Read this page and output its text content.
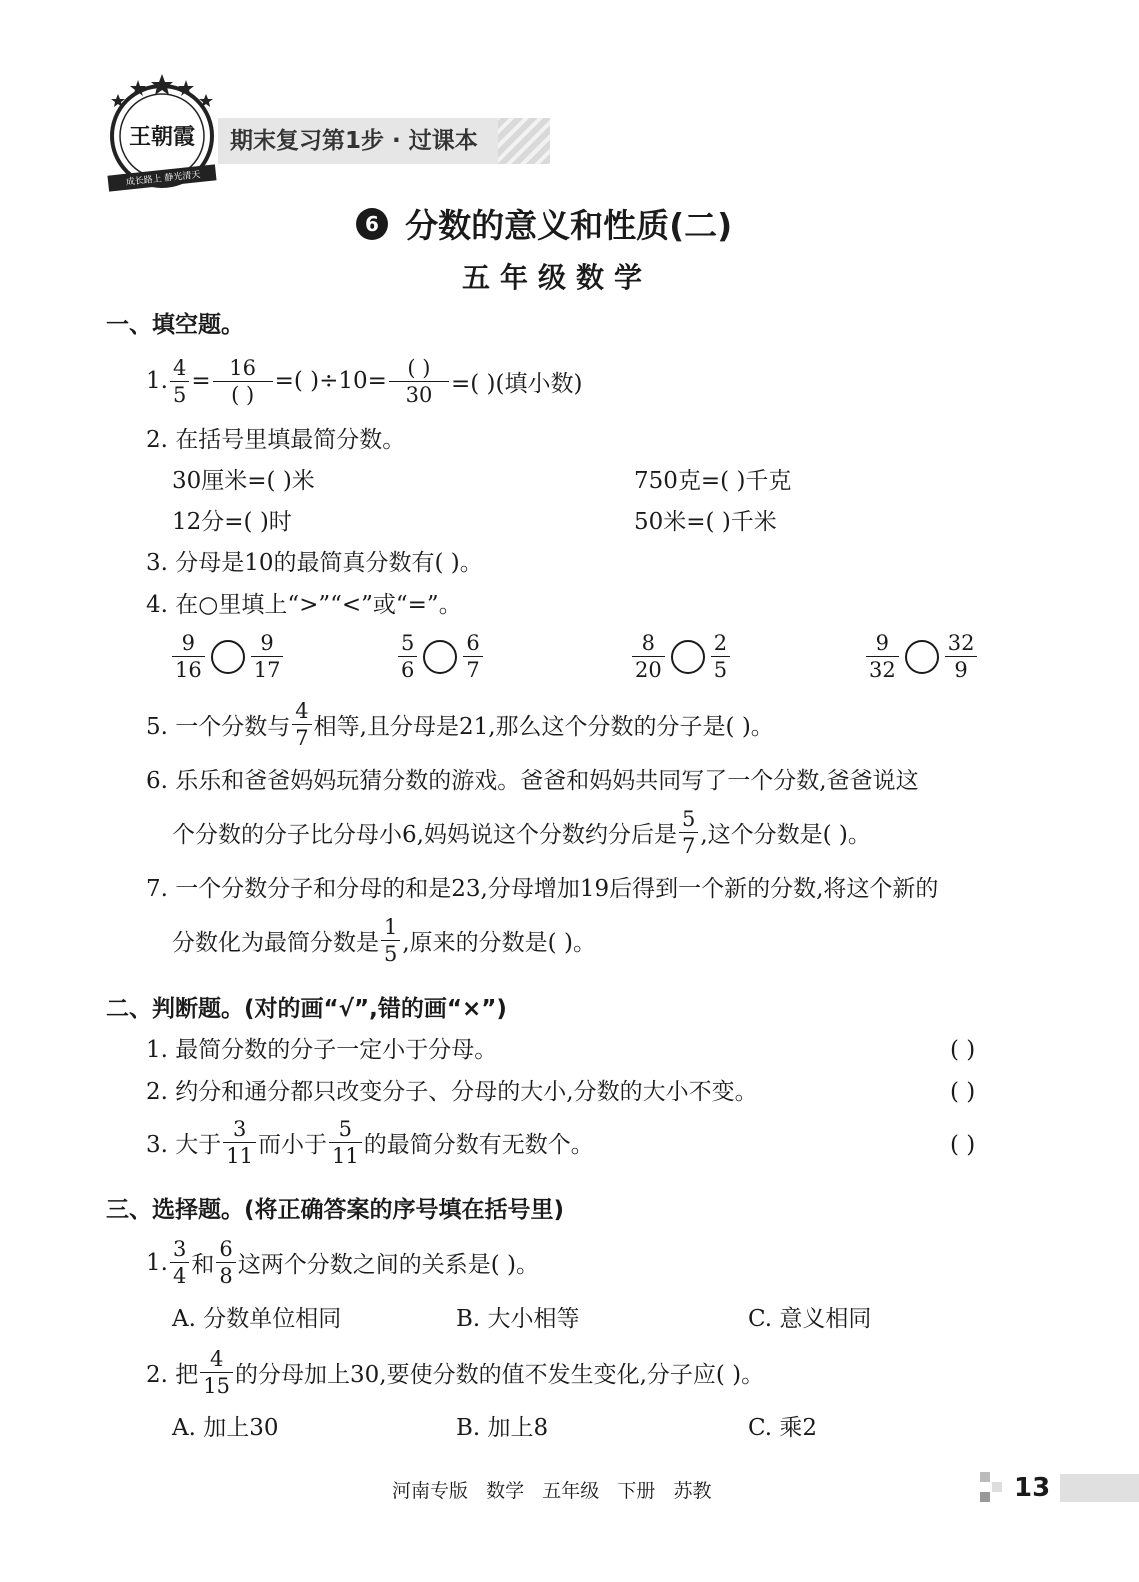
王朝霞
成长路上 静光清天
期末复习第1步 · 过课本
6 分数的意义和性质(二)
五年级数学
一、填空题。
1. $\frac{4}{5} = \frac{16}{( )}$ =( )$\div 10= \frac{( )}{30}$ =( )(填小数)
2. 在括号里填最简分数。
30厘米=( )米	750克=( )千克
12分=( )时	50米=( )千米
3. 分母是10的最简真分数有( )。
4. 在○里填上“>”“<”或“=”。
$\frac{9}{16} \frac{9}{17}$	$\frac{5}{6} \frac{6}{7}$	$\frac{8}{20} \frac{2}{5}$	$\frac{9}{32} \frac{32}{9}$
5. 一个分数与 $\frac{4}{7}$ 相等,且分母是21,那么这个分数的分子是( )。
6. 乐乐和爸爸妈妈玩猜分数的游戏。爸爸和妈妈共同写了一个分数,爸爸说这
个分数的分子比分母小6,妈妈说这个分数约分后是 $\frac{5}{7}$ ,这个分数是( )。
7. 一个分数分子和分母的和是23,分母增加19后得到一个新的分数,将这个新的
分数化为最简分数是 $\frac{1}{5}$ ,原来的分数是( )。
二、判断题。(对的画“√”,错的画“×”)
1. 最简分数的分子一定小于分母。	( )
2. 约分和通分都只改变分子、分母的大小,分数的大小不变。	( )
3. 大于 $\frac{3}{11}$ 而小于 $\frac{5}{11}$ 的最简分数有无数个。	( )
三、选择题。(将正确答案的序号填在括号里)
1. $\frac{3}{4}$ 和 $\frac{6}{8}$ 这两个分数之间的关系是( )。
A. 分数单位相同	B. 大小相等	C. 意义相同
2. 把 $\frac{4}{15}$ 的分母加上30,要使分数的值不发生变化,分子应( )。
A. 加上30	B. 加上8	C. 乘2
河南专版   数学   五年级   下册   苏教	13
